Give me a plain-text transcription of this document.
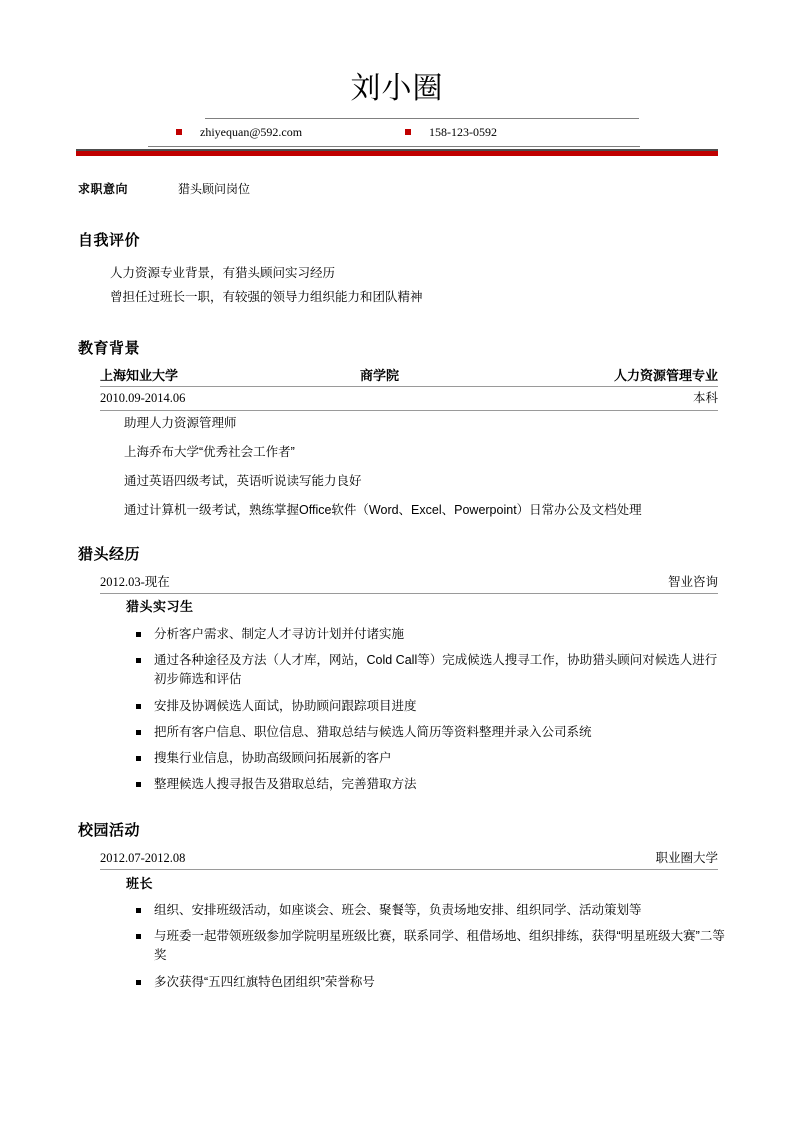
刘小圈
zhiyequan@592.com	158-123-0592
求职意向	猎头顾问岗位
自我评价
人力资源专业背景，有猎头顾问实习经历
曾担任过班长一职，有较强的领导力组织能力和团队精神
教育背景
上海知业大学	商学院	人力资源管理专业
2010.09-2014.06	本科
助理人力资源管理师
上海乔布大学“优秀社会工作者”
通过英语四级考试，英语听说读写能力良好
通过计算机一级考试，熟练掌握Office软件（Word、Excel、Powerpoint）日常办公及文档处理
猎头经历
2012.03-现在	智业咨询
猎头实习生
分析客户需求、制定人才寻访计划并付诸实施
通过各种途径及方法（人才库，网站，Cold Call等）完成候选人搜寻工作，协助猎头顾问对候选人进行初步筛选和评估
安排及协调候选人面试，协助顾问跟踪项目进度
把所有客户信息、职位信息、猎取总结与候选人简历等资料整理并录入公司系统
搜集行业信息，协助高级顾问拓展新的客户
整理候选人搜寻报告及猎取总结，完善猎取方法
校园活动
2012.07-2012.08	职业圈大学
班长
组织、安排班级活动，如座谈会、班会、聚餐等，负责场地安排、组织同学、活动策划等
与班委一起带领班级参加学院明星班级比赛，联系同学、租借场地、组织排练，获得“明星班级大赛”二等奖
多次获得“五四红旗特色团组织”荣誉称号
